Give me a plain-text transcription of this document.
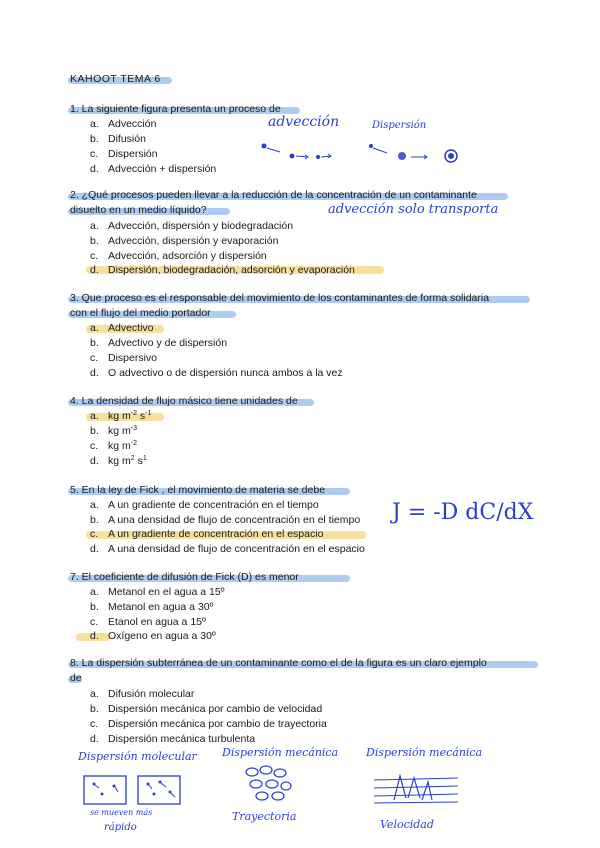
KAHOOT TEMA 6
1. La siguiente figura presenta un proceso de
a. Advección
b. Difusión
c. Dispersión
d. Advección + dispersión
advección	Dispersión
2. ¿Qué procesos pueden llevar a la reducción de la concentración de un contaminante
disuelto en un medio líquido?	advección solo transporta
a. Advección, dispersión y biodegradación
b. Advección, dispersión y evaporación
c. Advección, adsorción y dispersión
d. Dispersión, biodegradación, adsorción y evaporación
3. Que proceso es el responsable del movimiento de los contaminantes de forma solidaria
con el flujo del medio portador
a. Advectivo
b. Advectivo y de dispersión
c. Dispersivo
d. O advectivo o de dispersión nunca ambos a la vez
4. La densidad de flujo másico tiene unidades de
a. kg $m^{-2}$ $s^{-1}$
b. kg $m^{-3}$
c. kg $m^{-2}$
d. kg $m^2$ $s^1$
5. En la ley de Fick , el movimiento de materia se debe
a. A un gradiente de concentración en el tiempo
b. A una densidad de flujo de concentración en el tiempo
c. A un gradiente de concentración en el espacio
d. A una densidad de flujo de concentración en el espacio
J = -D dC/dX
7. El coeficiente de difusión de Fick (D) es menor
a. Metanol en el agua a 15º
b. Metanol en agua a 30º
c. Etanol en agua a 15º
d. Oxígeno en agua a 30º
8. La dispersión subterránea de un contaminante como el de la figura es un claro ejemplo
de
a. Difusión molecular
b. Dispersión mecánica por cambio de velocidad
c. Dispersión mecánica por cambio de trayectoria
d. Dispersión mecánica turbulenta
Dispersión molecular Dispersión mecánica	Dispersión mecánica
se mueven más
rápido
Trayectoria
Velocidad
